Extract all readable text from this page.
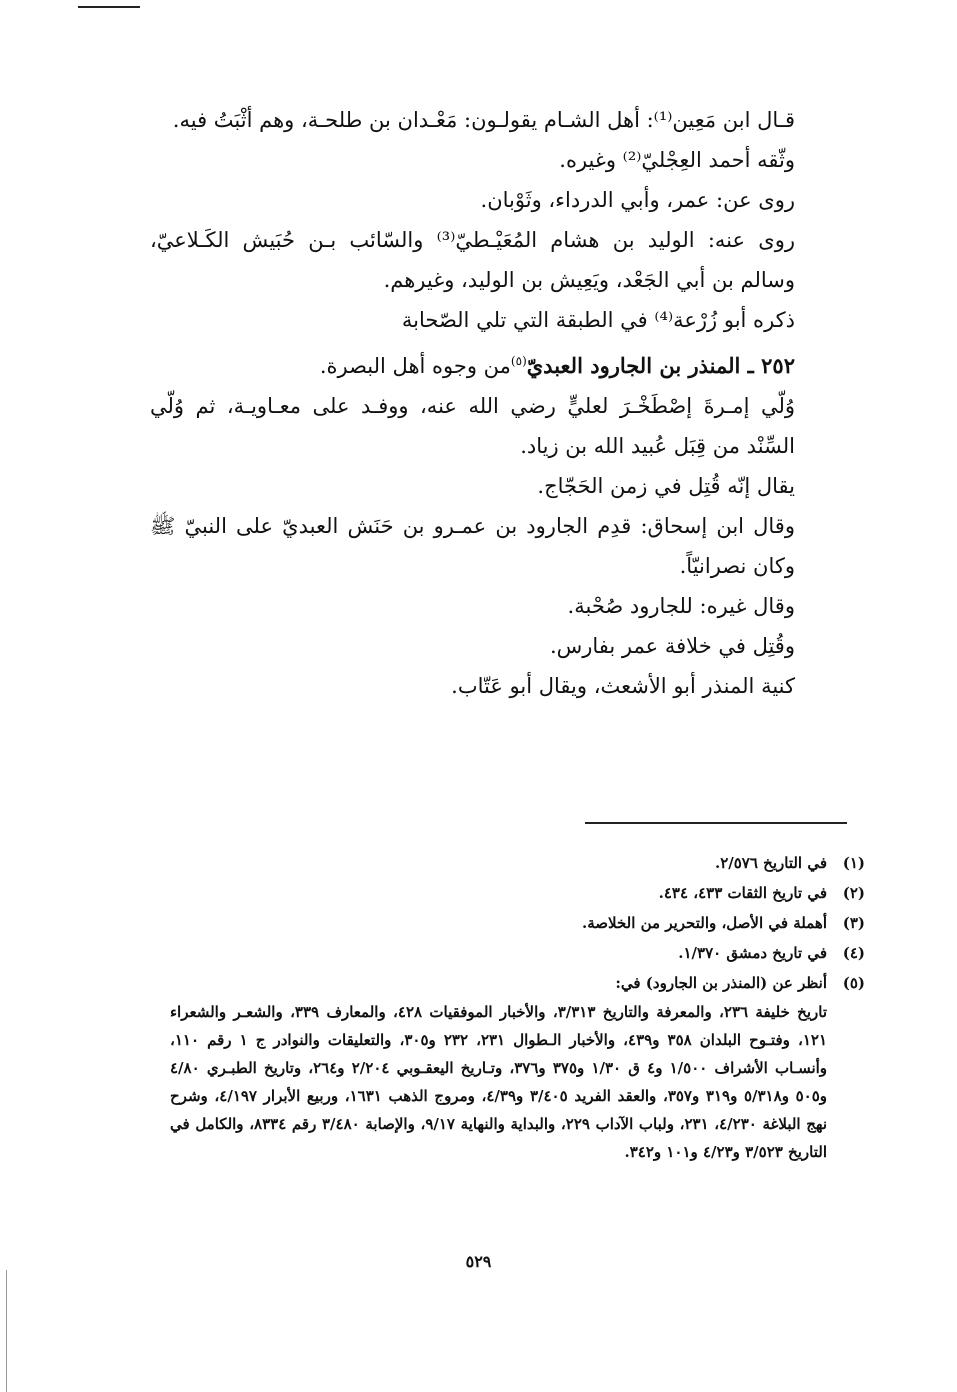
قـال ابن مَعِين⁽¹⁾: أهل الشـام يقولـون: مَعْـدان بن طلحـة، وهم أثْبَتُ فيه.

وثّقه أحمد العِجْليّ⁽²⁾ وغيره.

روى عن: عمر، وأبي الدرداء، وثَوْبان.

روى عنه: الوليد بن هشام المُعَيْـطيّ⁽³⁾ والسّائب بـن حُبَيش الكَـلاعيّ، وسالم بن أبي الجَعْد، ويَعِيش بن الوليد، وغيرهم.

ذكره أبو زُرْعة⁽⁴⁾ في الطبقة التي تلي الصّحابة

٢٥٢ ـ المنذر بن الجارود العبديّ$^{(٥)}$من وجوه أهل البصرة.

وُلّي إمـرةَ إصْطَخْـرَ لعليٍّ رضي الله عنه، ووفـد على معـاويـة، ثم وُلّي السِّنْد من قِبَل عُبيد الله بن زياد.

يقال إنّه قُتِل في زمن الحَجّاج.

وقال ابن إسحاق: قدِم الجارود بن عمـرو بن حَنَش العبديّ على النبيّ ﷺ وكان نصرانيّاً.

وقال غيره: للجارود صُحْبة.

وقُتِل في خلافة عمر بفارس.

كنية المنذر أبو الأشعث، ويقال أبو عَتّاب.

(١)
في التاريخ ٢/٥٧٦.

(٢)
في تاريخ الثقات ٤٣٣، ٤٣٤.

(٣)
أهملة في الأصل، والتحرير من الخلاصة.

(٤)
في تاريخ دمشق ١/٣٧٠.

(٥)
أنظر عن (المنذر بن الجارود) في:

تاريخ خليفة ٢٣٦، والمعرفة والتاريخ ٣/٣١٣، والأخبار الموفقيات ٤٢٨، والمعارف ٣٣٩، والشعـر والشعراء ١٢١، وفتـوح البلدان ٣٥٨ و٤٣٩، والأخبار الـطوال ٢٣١، ٢٣٢ و٣٠٥، والتعليقات والنوادر ج ١ رقم ١١٠، وأنسـاب الأشراف ١/٥٠٠ و٤ ق ١/٣٠ و٣٧٥ و٣٧٦، وتـاريخ اليعقـوبي ٢/٢٠٤ و٢٦٤، وتاريخ الطبـري ٤/٨٠ و٥٠٥ و٥/٣١٨ و٣١٩ و٣٥٧، والعقد الفريد ٣/٤٠٥ و٤/٣٩، ومروج الذهب ١٦٣١، وربيع الأبرار ٤/١٩٧، وشرح نهج البلاغة ٤/٢٣٠، ٢٣١، ولباب الآداب ٢٢٩، والبداية والنهاية ٩/١٧، والإصابة ٣/٤٨٠ رقم ٨٣٣٤، والكامل في التاريخ ٣/٥٢٣ و٤/٢٣ و١٠١ و٣٤٢.

٥٢٩
